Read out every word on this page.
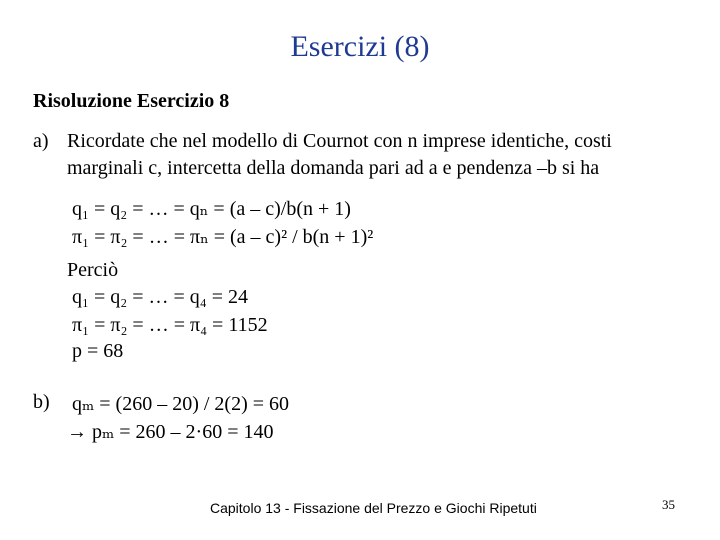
Esercizi (8)
Risoluzione Esercizio 8
a) Ricordate che nel modello di Cournot con n imprese identiche, costi
marginali c, intercetta della domanda pari ad a e pendenza –b si ha
q₁ = q₂ = … = qₙ = (a – c)/b(n + 1)
π₁ = π₂ = … = πₙ = (a – c)² / b(n + 1)²
Perciò
q₁ = q₂ = … = q₄ = 24
π₁ = π₂ = … = π₄ = 1152
p = 68
b) qₘ = (260 – 20) / 2(2) = 60
→ pₘ = 260 – 2·60 = 140
Capitolo 13 - Fissazione del Prezzo e Giochi Ripetuti	35
